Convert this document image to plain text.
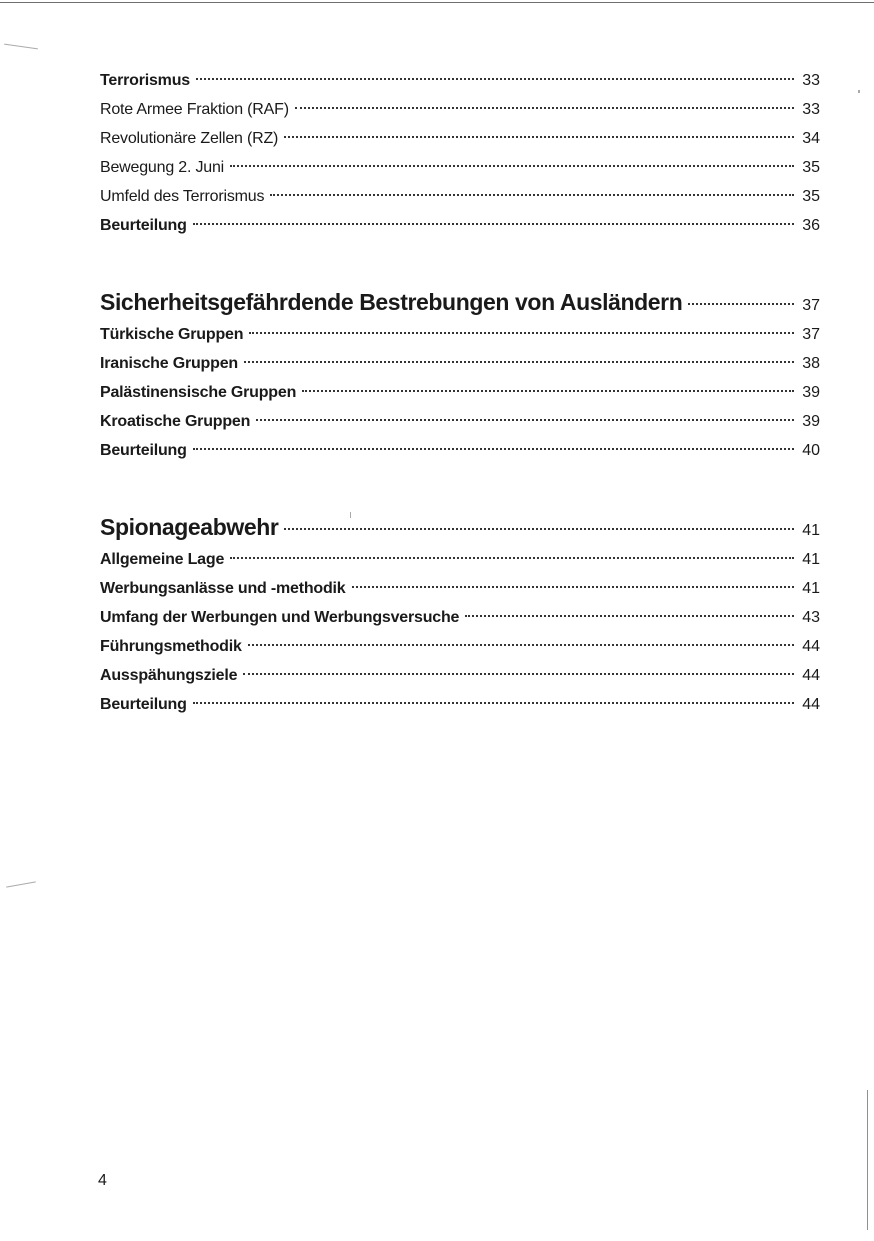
Terrorismus	33
Rote Armee Fraktion (RAF)	33
Revolutionäre Zellen (RZ)	34
Bewegung 2. Juni	35
Umfeld des Terrorismus	35
Beurteilung	36
Sicherheitsgefährdende Bestrebungen von Ausländern	37
Türkische Gruppen	37
Iranische Gruppen	38
Palästinensische Gruppen	39
Kroatische Gruppen	39
Beurteilung	40
Spionageabwehr	41
Allgemeine Lage	41
Werbungsanlässe und -methodik	41
Umfang der Werbungen und Werbungsversuche	43
Führungsmethodik	44
Ausspähungsziele	44
Beurteilung	44
4
